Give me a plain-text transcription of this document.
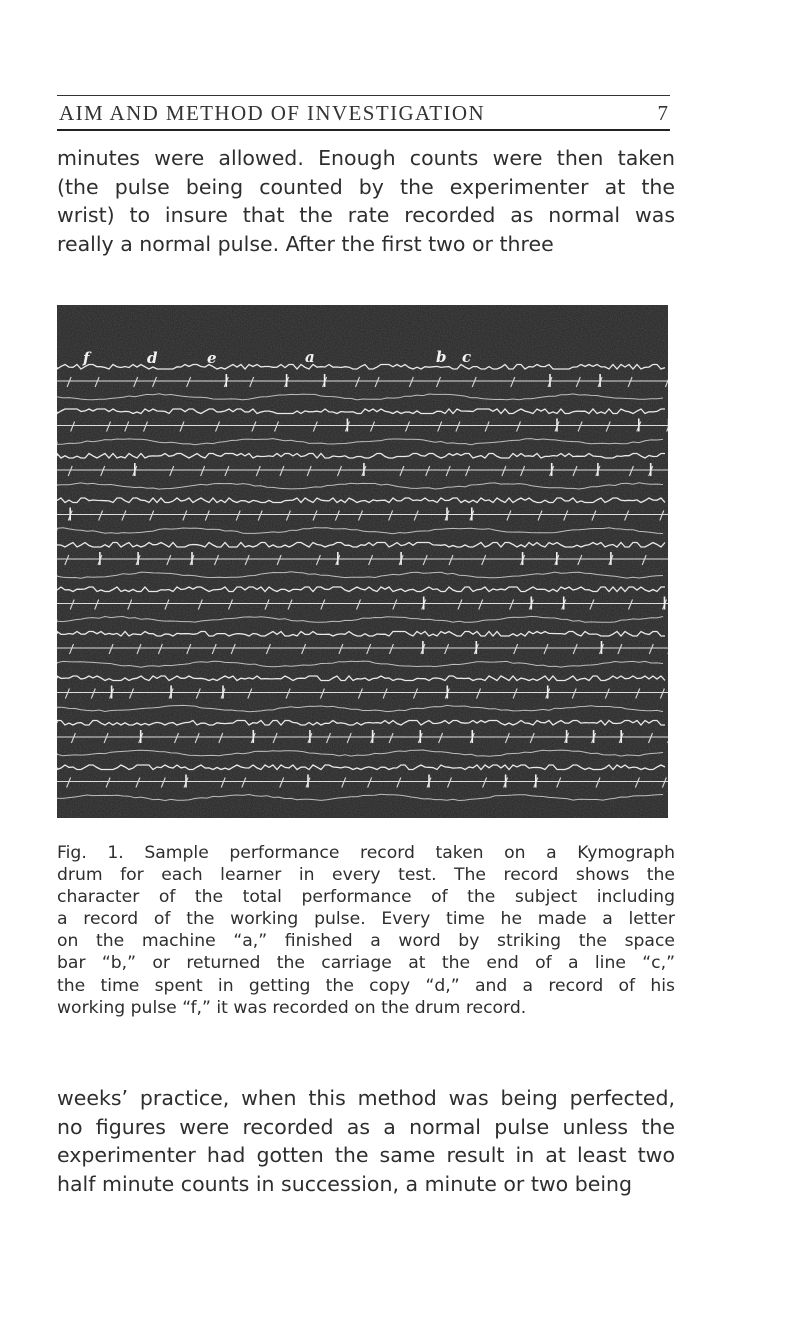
AIM AND METHOD OF INVESTIGATION	7

minutes were allowed. Enough counts were then taken
(the pulse being counted by the experimenter at the
wrist) to insure that the rate recorded as normal was
really a normal pulse. After the first two or three

f	d	e	a	b c

Fig. 1. Sample performance record taken on a Kymograph
drum for each learner in every test. The record shows the
character of the total performance of the subject including
a record of the working pulse. Every time he made a letter
on the machine “a,” finished a word by striking the space
bar “b,” or returned the carriage at the end of a line “c,”
the time spent in getting the copy “d,” and a record of his
working pulse “f,” it was recorded on the drum record.

weeks’ practice, when this method was being perfected,
no figures were recorded as a normal pulse unless the
experimenter had gotten the same result in at least two
half minute counts in succession, a minute or two being
